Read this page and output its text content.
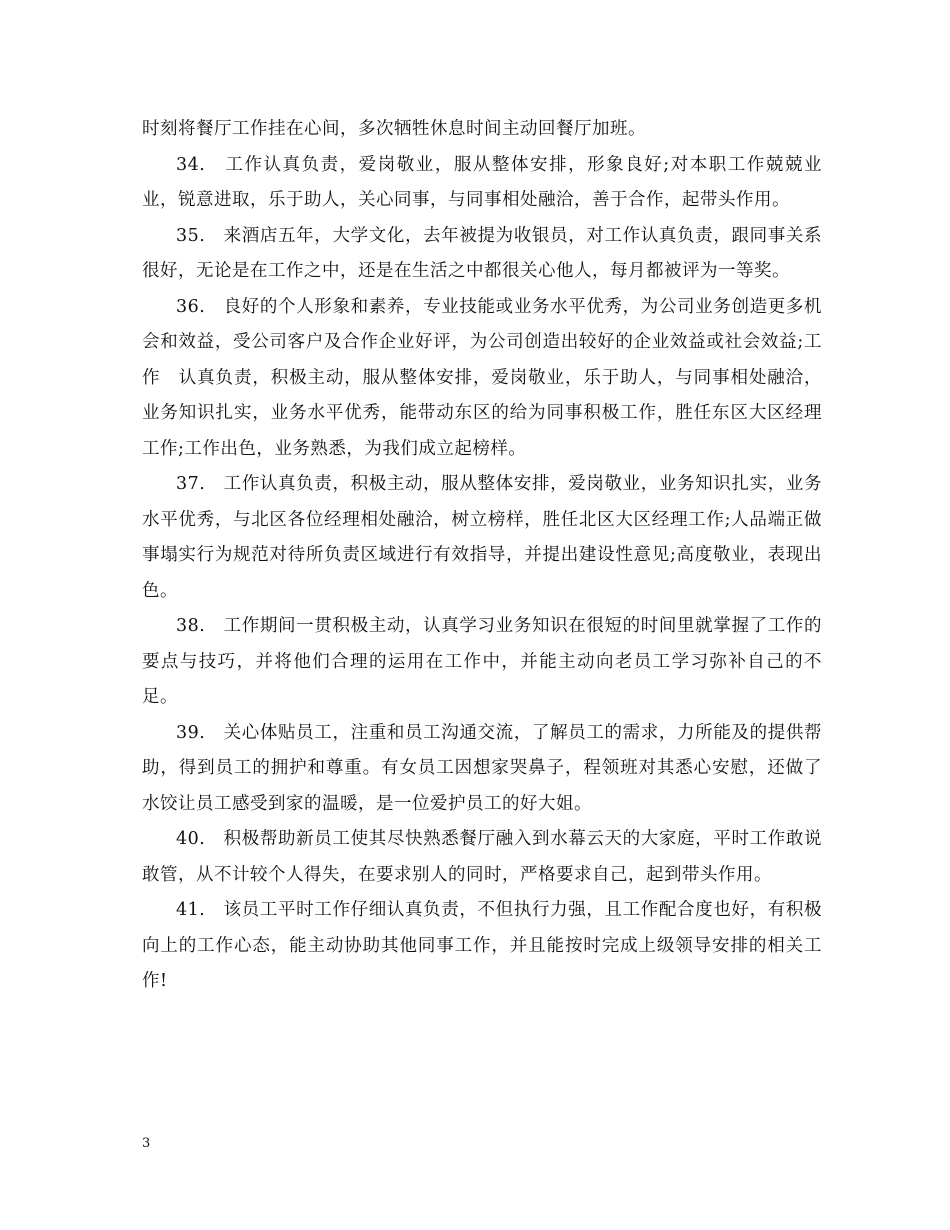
时刻将餐厅工作挂在心间，多次牺牲休息时间主动回餐厅加班。

34.　 工作认真负责，爱岗敬业，服从整体安排，形象良好;对本职工作兢兢业业，锐意进取，乐于助人，关心同事，与同事相处融洽，善于合作，起带头作用。

35.　 来酒店五年，大学文化，去年被提为收银员，对工作认真负责，跟同事关系很好，无论是在工作之中，还是在生活之中都很关心他人，每月都被评为一等奖。

36.　 良好的个人形象和素养，专业技能或业务水平优秀，为公司业务创造更多机会和效益，受公司客户及合作企业好评，为公司创造出较好的企业效益或社会效益;工作　认真负责，积极主动，服从整体安排，爱岗敬业，乐于助人，与同事相处融洽，业务知识扎实，业务水平优秀，能带动东区的给为同事积极工作，胜任东区大区经理　工作;工作出色，业务熟悉，为我们成立起榜样。

37.　 工作认真负责，积极主动，服从整体安排，爱岗敬业，业务知识扎实，业务水平优秀，与北区各位经理相处融洽，树立榜样，胜任北区大区经理工作;人品端正做事塌实行为规范对待所负责区域进行有效指导，并提出建设性意见;高度敬业，表现出色。

38.　 工作期间一贯积极主动，认真学习业务知识在很短的时间里就掌握了工作的要点与技巧，并将他们合理的运用在工作中，并能主动向老员工学习弥补自己的不足。

39.　 关心体贴员工，注重和员工沟通交流，了解员工的需求，力所能及的提供帮助，得到员工的拥护和尊重。有女员工因想家哭鼻子，程领班对其悉心安慰，还做了水饺让员工感受到家的温暖，是一位爱护员工的好大姐。

40.　 积极帮助新员工使其尽快熟悉餐厅融入到水幕云天的大家庭，平时工作敢说敢管，从不计较个人得失，在要求别人的同时，严格要求自己，起到带头作用。

41.　 该员工平时工作仔细认真负责，不但执行力强，且工作配合度也好，有积极向上的工作心态，能主动协助其他同事工作，并且能按时完成上级领导安排的相关工作!

3
